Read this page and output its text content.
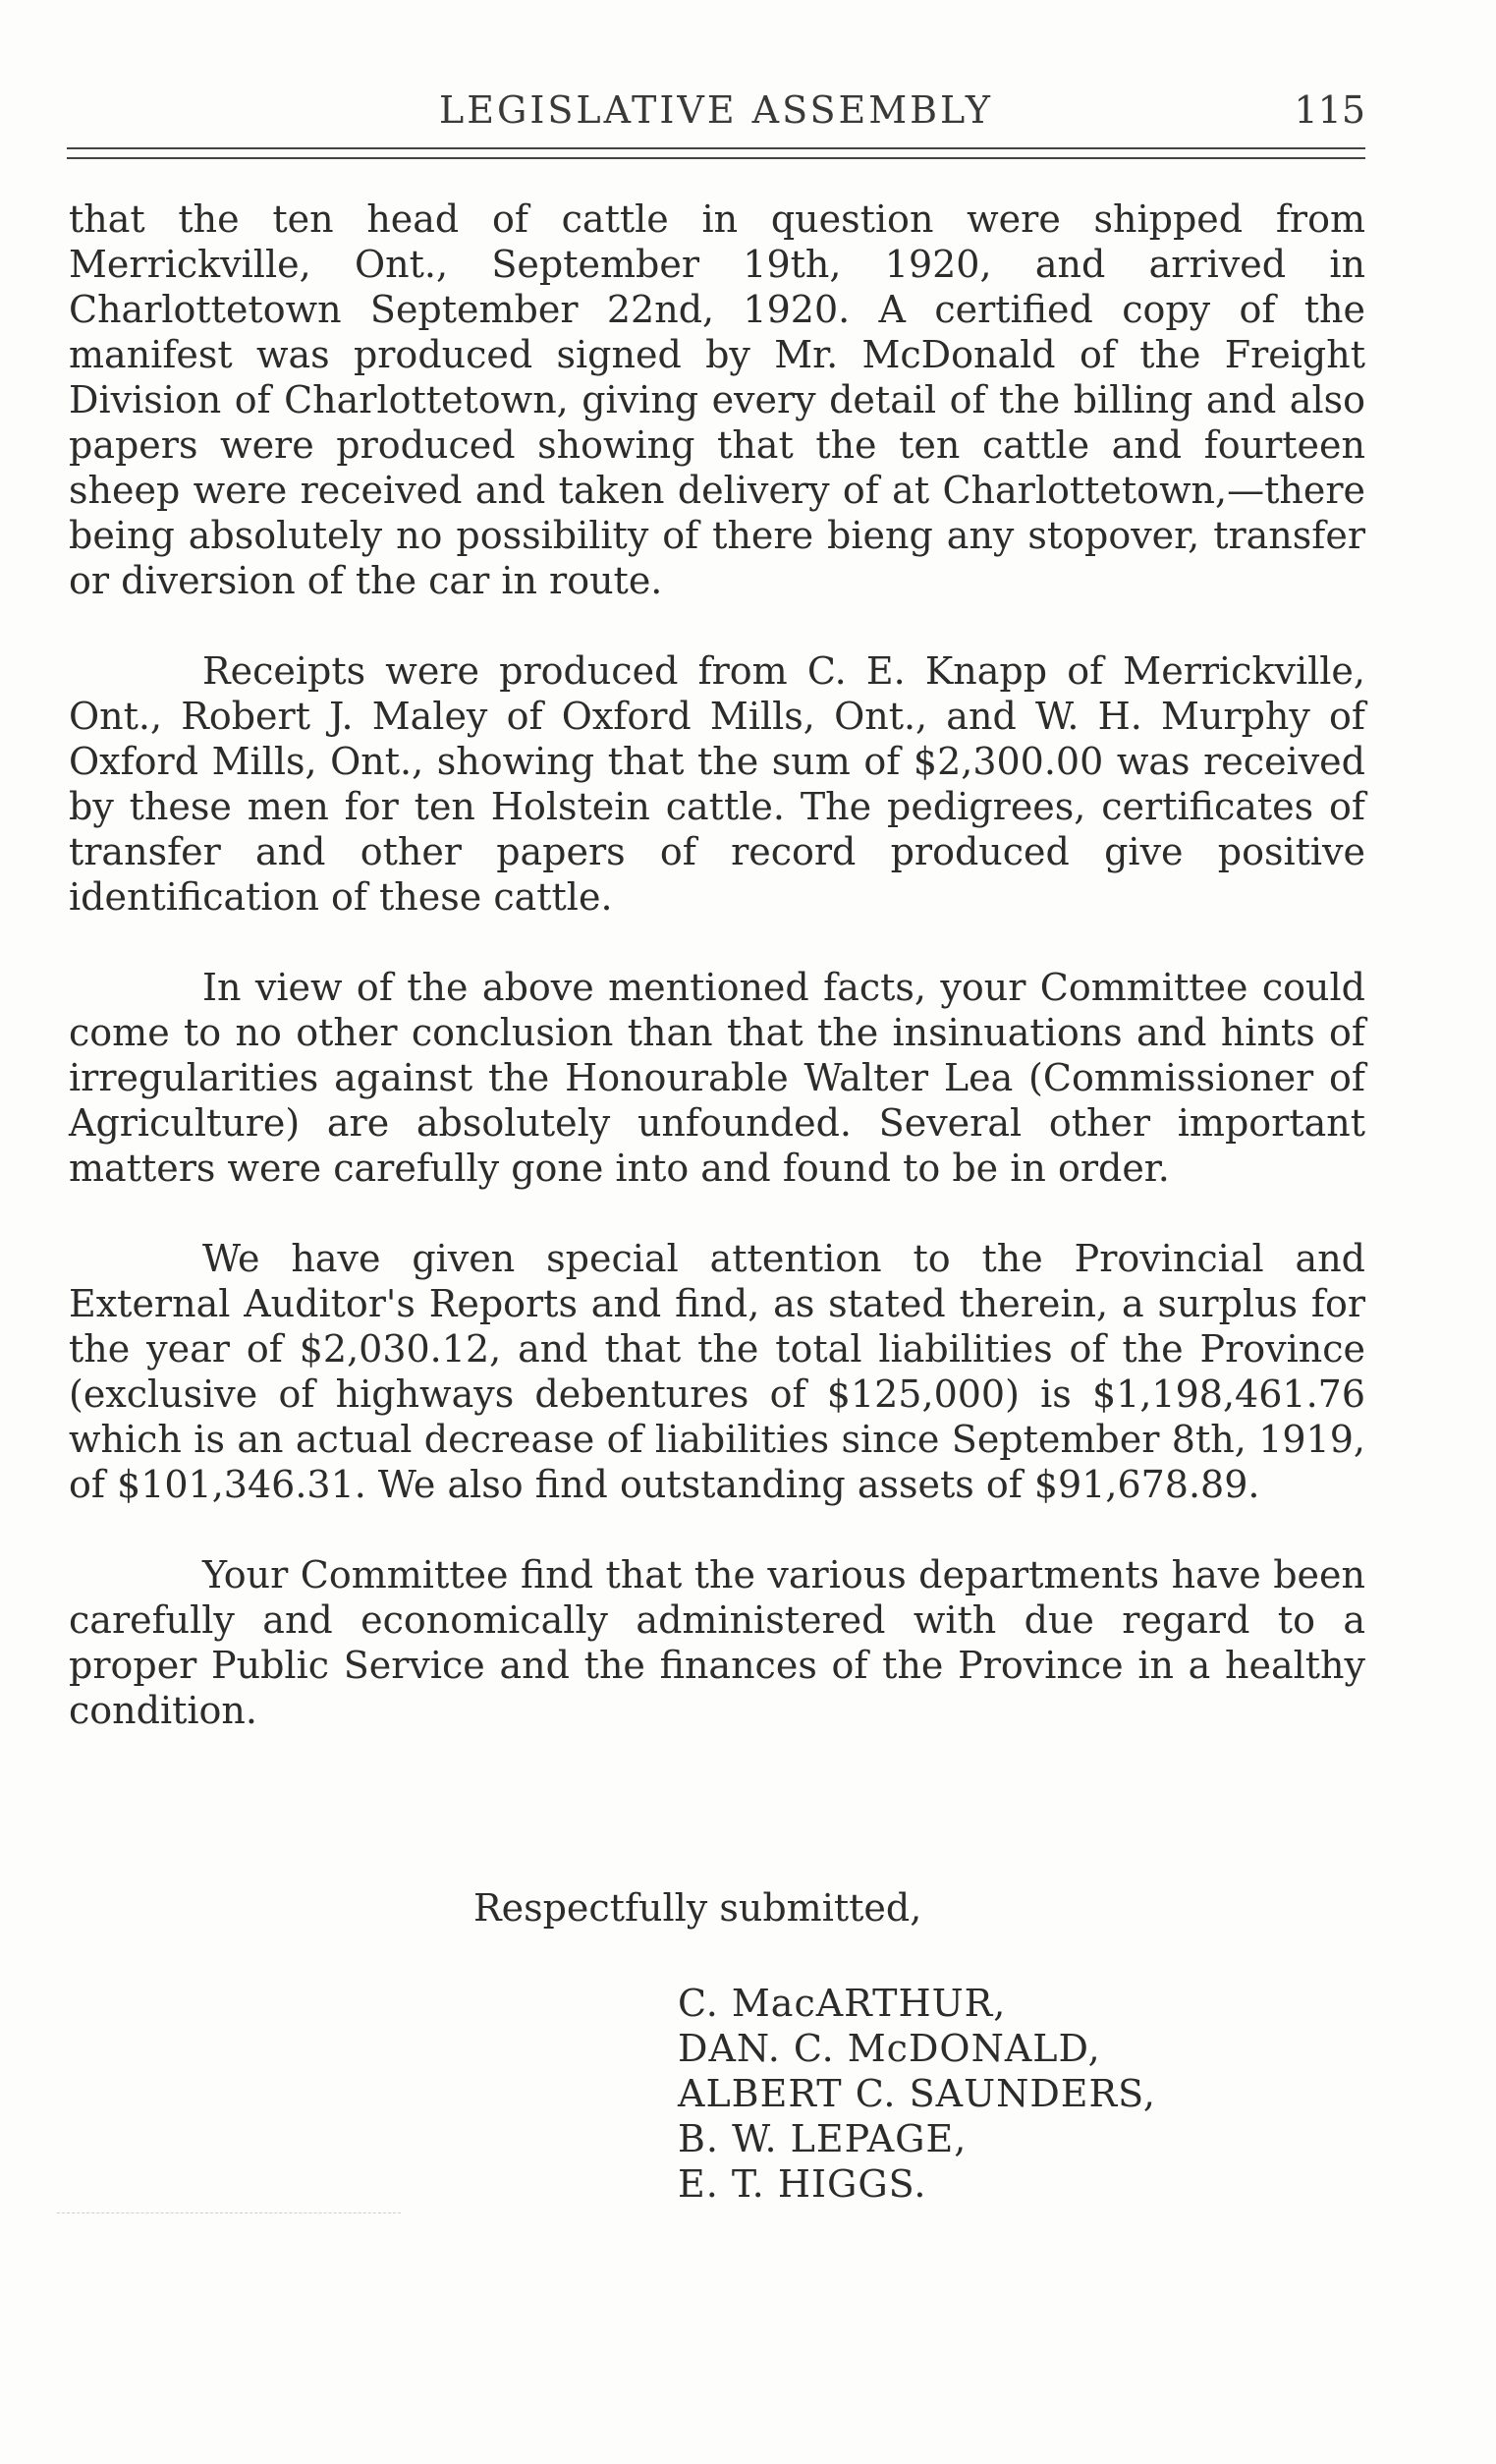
LEGISLATIVE ASSEMBLY	115

that the ten head of cattle in question were shipped from Merrickville, Ont., September 19th, 1920, and arrived in Charlottetown September 22nd, 1920. A certified copy of the manifest was produced signed by Mr. McDonald of the Freight Division of Charlottetown, giving every detail of the billing and also papers were produced showing that the ten cattle and fourteen sheep were received and taken delivery of at Charlottetown,—there being absolutely no possibility of there bieng any stopover, transfer or diversion of the car in route.

Receipts were produced from C. E. Knapp of Merrickville, Ont., Robert J. Maley of Oxford Mills, Ont., and W. H. Murphy of Oxford Mills, Ont., showing that the sum of $2,300.00 was received by these men for ten Holstein cattle. The pedigrees, certificates of transfer and other papers of record produced give positive identification of these cattle.

In view of the above mentioned facts, your Committee could come to no other conclusion than that the insinuations and hints of irregularities against the Honourable Walter Lea (Commissioner of Agriculture) are absolutely unfounded. Several other important matters were carefully gone into and found to be in order.

We have given special attention to the Provincial and External Auditor's Reports and find, as stated therein, a surplus for the year of $2,030.12, and that the total liabilities of the Province (exclusive of highways debentures of $125,000) is $1,198,461.76 which is an actual decrease of liabilities since September 8th, 1919, of $101,346.31. We also find outstanding assets of $91,678.89.

Your Committee find that the various departments have been carefully and economically administered with due regard to a proper Public Service and the finances of the Province in a healthy condition.

Respectfully submitted,
C. MacARTHUR,
DAN. C. McDONALD,
ALBERT C. SAUNDERS,
B. W. LEPAGE,
E. T. HIGGS.
